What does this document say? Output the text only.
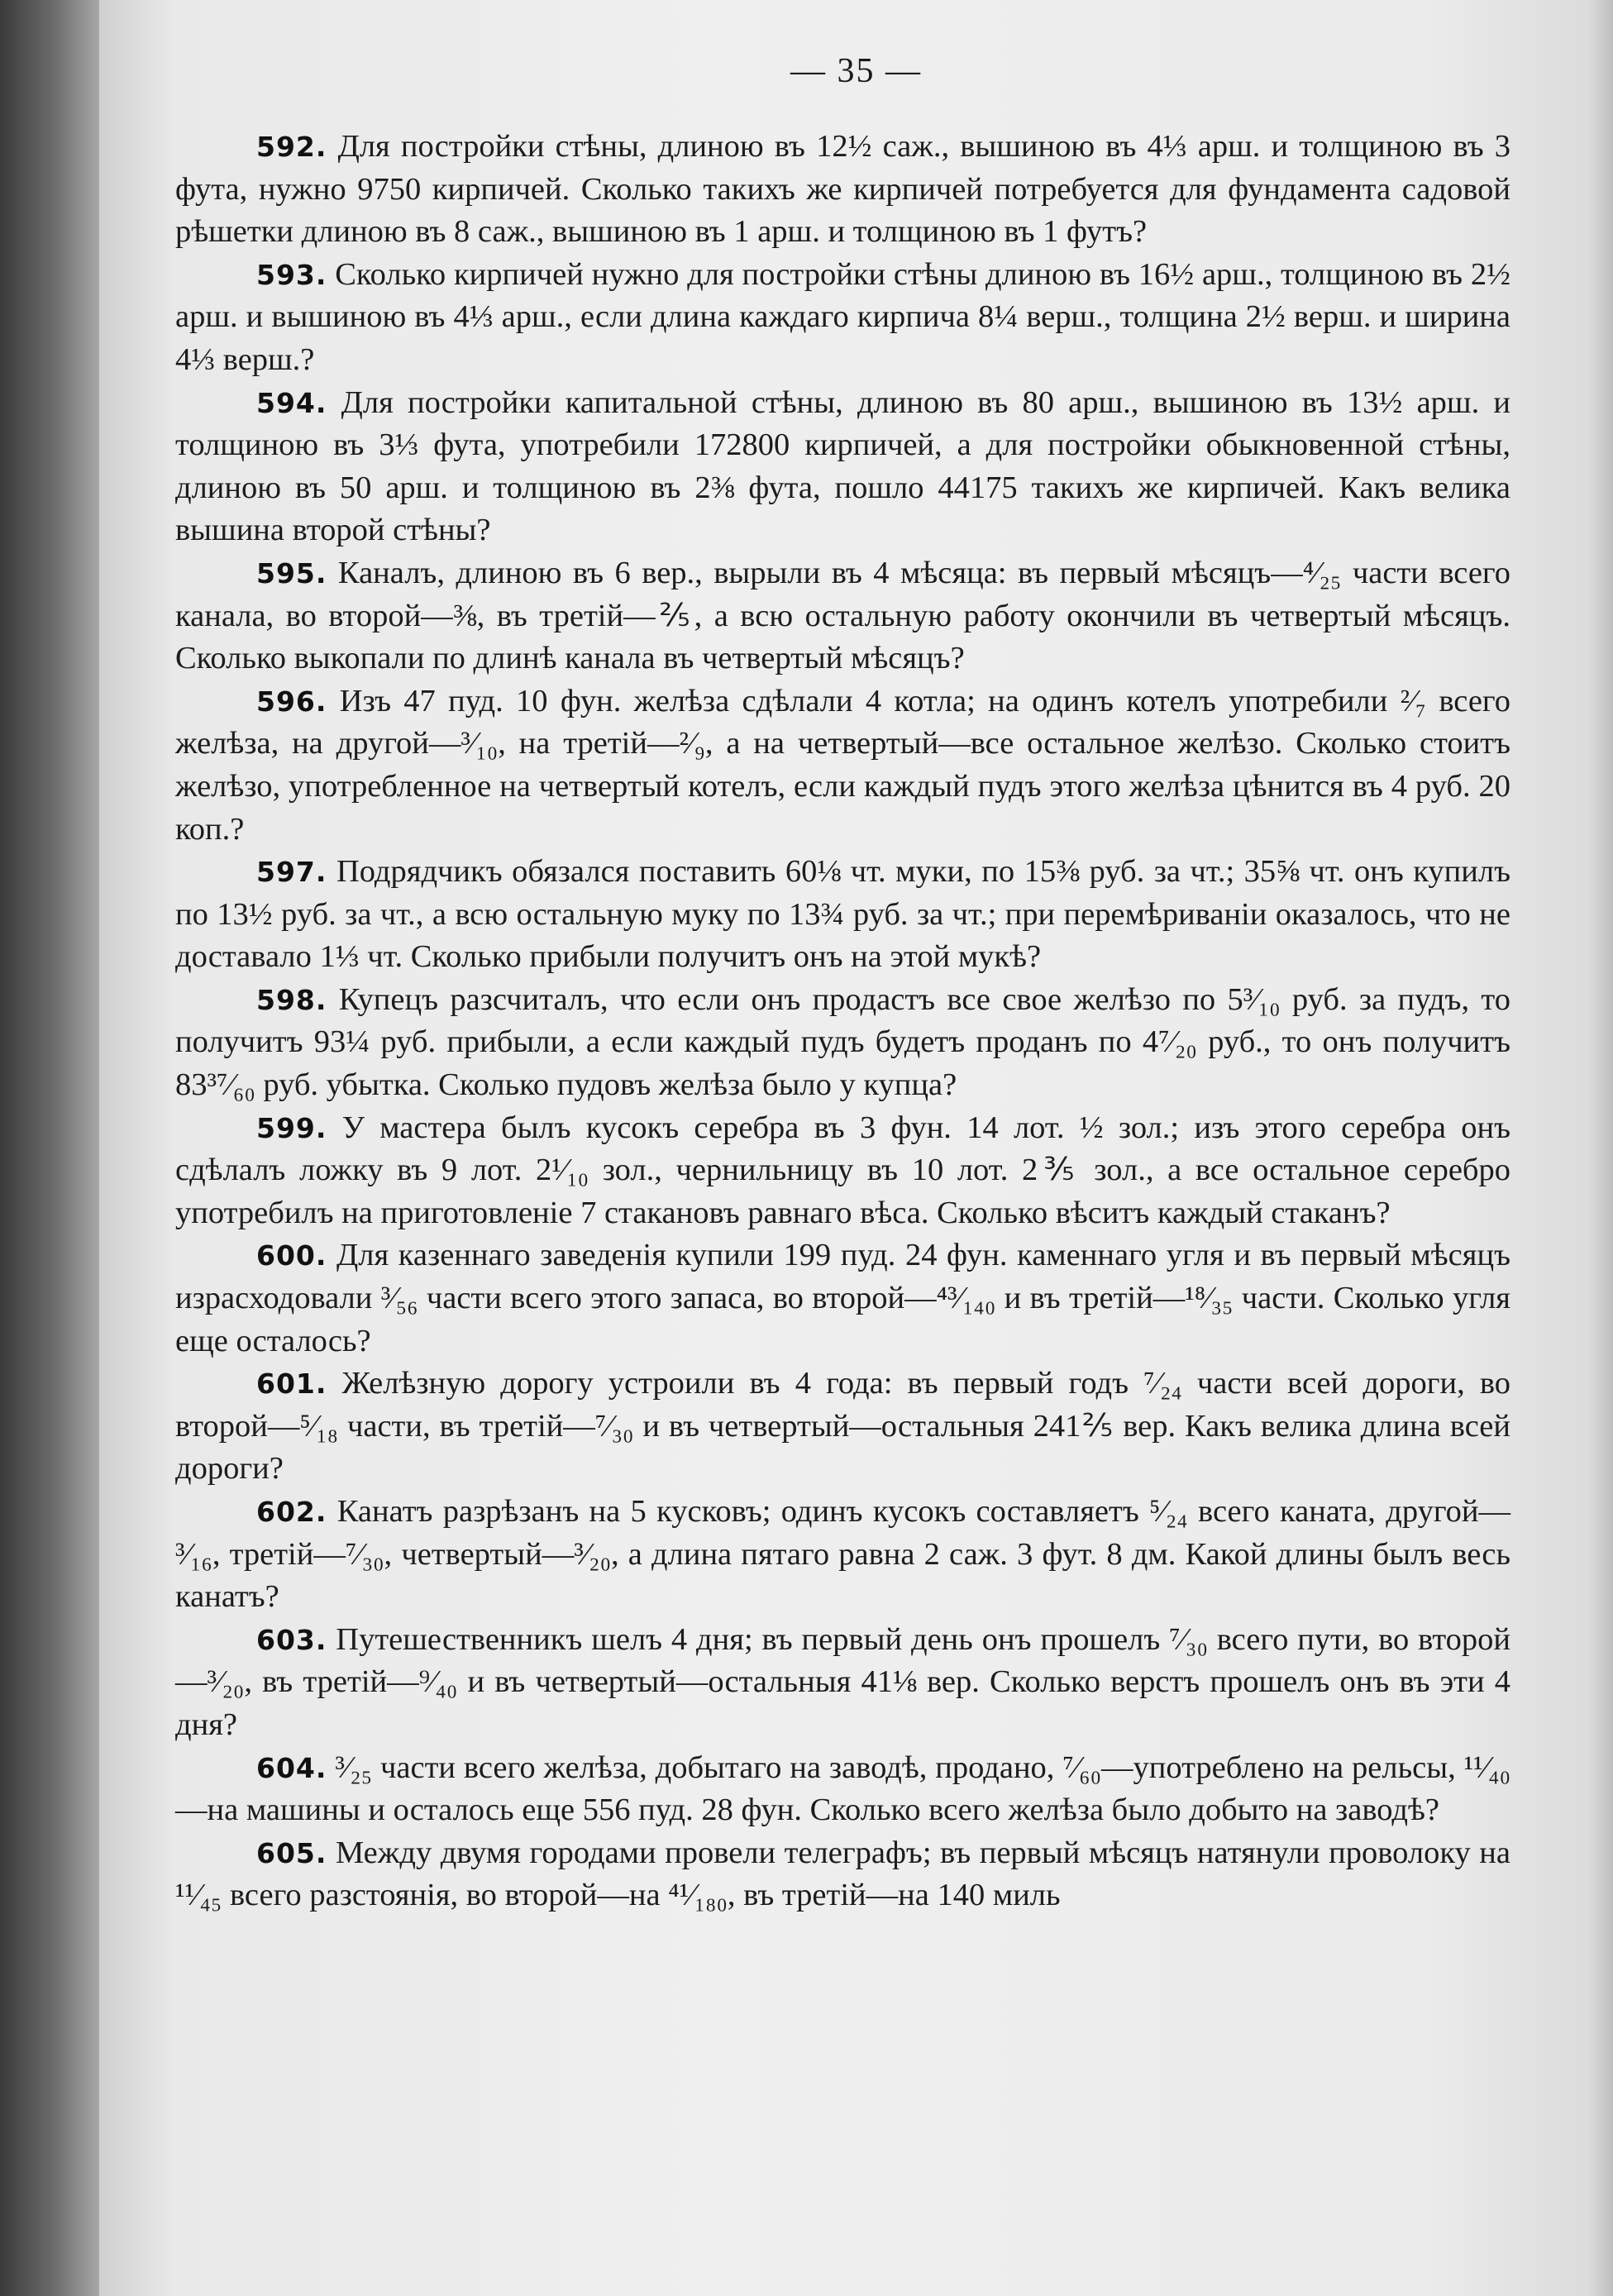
— 35 —

592. Для постройки стѣны, длиною въ 12½ саж., вышиною въ 4⅓ арш. и толщиною въ 3 фута, нужно 9750 кирпичей. Сколько такихъ же кирпичей потребуется для фундамента садовой рѣшетки длиною въ 8 саж., вышиною въ 1 арш. и толщиною въ 1 футъ?

593. Сколько кирпичей нужно для постройки стѣны длиною въ 16½ арш., толщиною въ 2½ арш. и вышиною въ 4⅓ арш., если длина каждаго кирпича 8¼ верш., толщина 2½ верш. и ширина 4⅓ верш.?

594. Для постройки капитальной стѣны, длиною въ 80 арш., вышиною въ 13½ арш. и толщиною въ 3⅓ фута, употребили 172800 кирпичей, а для постройки обыкновенной стѣны, длиною въ 50 арш. и толщиною въ 2⅜ фута, пошло 44175 такихъ же кирпичей. Какъ велика вышина второй стѣны?

595. Каналъ, длиною въ 6 вер., вырыли въ 4 мѣсяца: въ первый мѣсяцъ—⁴⁄₂₅ части всего канала, во второй—⅜, въ третій—⅖, а всю остальную работу окончили въ четвертый мѣсяцъ. Сколько выкопали по длинѣ канала въ четвертый мѣсяцъ?

596. Изъ 47 пуд. 10 фун. желѣза сдѣлали 4 котла; на одинъ котелъ употребили ²⁄₇ всего желѣза, на другой—³⁄₁₀, на третій—²⁄₉, а на четвертый—все остальное желѣзо. Сколько стоитъ желѣзо, употребленное на четвертый котелъ, если каждый пудъ этого желѣза цѣнится въ 4 руб. 20 коп.?

597. Подрядчикъ обязался поставить 60⅛ чт. муки, по 15⅜ руб. за чт.; 35⅝ чт. онъ купилъ по 13½ руб. за чт., а всю остальную муку по 13¾ руб. за чт.; при перемѣриваніи оказалось, что не доставало 1⅓ чт. Сколько прибыли получитъ онъ на этой мукѣ?

598. Купецъ разсчиталъ, что если онъ продастъ все свое желѣзо по 5³⁄₁₀ руб. за пудъ, то получитъ 93¼ руб. прибыли, а если каждый пудъ будетъ проданъ по 4⁷⁄₂₀ руб., то онъ получитъ 83³⁷⁄₆₀ руб. убытка. Сколько пудовъ желѣза было у купца?

599. У мастера былъ кусокъ серебра въ 3 фун. 14 лот. ½ зол.; изъ этого серебра онъ сдѣлалъ ложку въ 9 лот. 2¹⁄₁₀ зол., чернильницу въ 10 лот. 2⅗ зол., а все остальное серебро употребилъ на приготовленіе 7 стакановъ равнаго вѣса. Сколько вѣситъ каждый стаканъ?

600. Для казеннаго заведенія купили 199 пуд. 24 фун. каменнаго угля и въ первый мѣсяцъ израсходовали ³⁄₅₆ части всего этого запаса, во второй—⁴³⁄₁₄₀ и въ третій—¹⁸⁄₃₅ части. Сколько угля еще осталось?

601. Желѣзную дорогу устроили въ 4 года: въ первый годъ ⁷⁄₂₄ части всей дороги, во второй—⁵⁄₁₈ части, въ третій—⁷⁄₃₀ и въ четвертый—остальныя 241⅖ вер. Какъ велика длина всей дороги?

602. Канатъ разрѣзанъ на 5 кусковъ; одинъ кусокъ составляетъ ⁵⁄₂₄ всего каната, другой—³⁄₁₆, третій—⁷⁄₃₀, четвертый—³⁄₂₀, а длина пятаго равна 2 саж. 3 фут. 8 дм. Какой длины былъ весь канатъ?

603. Путешественникъ шелъ 4 дня; въ первый день онъ прошелъ ⁷⁄₃₀ всего пути, во второй—³⁄₂₀, въ третій—⁹⁄₄₀ и въ четвертый—остальныя 41⅛ вер. Сколько верстъ прошелъ онъ въ эти 4 дня?

604. ³⁄₂₅ части всего желѣза, добытаго на заводѣ, продано, ⁷⁄₆₀—употреблено на рельсы, ¹¹⁄₄₀—на машины и осталось еще 556 пуд. 28 фун. Сколько всего желѣза было добыто на заводѣ?

605. Между двумя городами провели телеграфъ; въ первый мѣсяцъ натянули проволоку на ¹¹⁄₄₅ всего разстоянія, во второй—на ⁴¹⁄₁₈₀, въ третій—на 140 миль
